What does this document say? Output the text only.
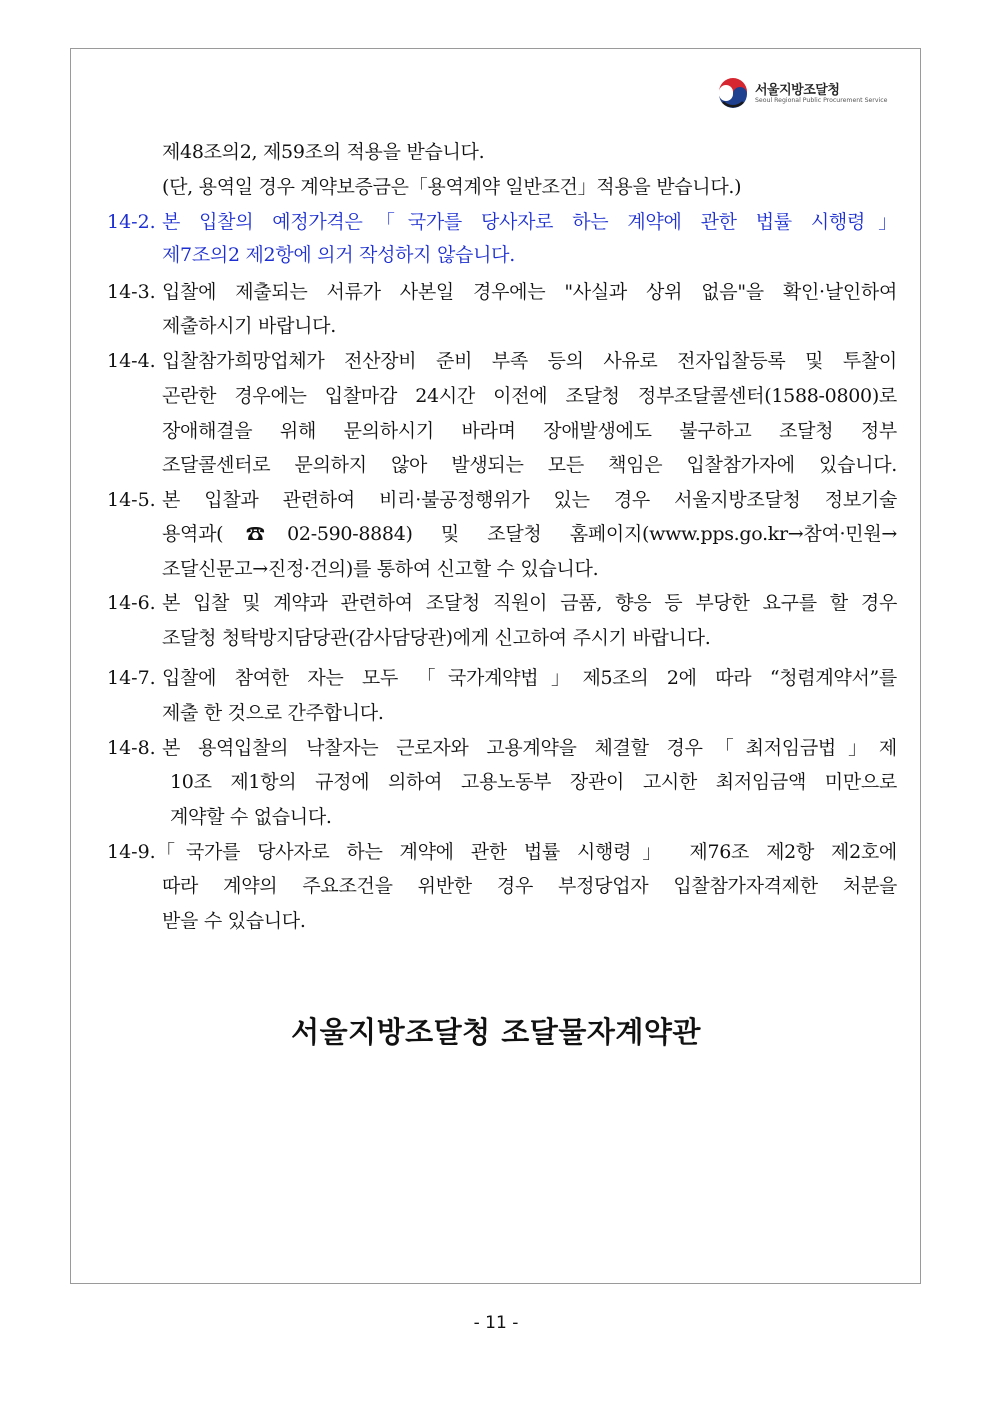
서울지방조달청
Seoul Regional Public Procurement Service
제48조의2, 제59조의 적용을 받습니다.
(단, 용역일 경우 계약보증금은「용역계약 일반조건」적용을 받습니다.)
14-2. 본 입찰의 예정가격은「국가를 당사자로 하는 계약에 관한 법률 시행령」
제7조의2 제2항에 의거 작성하지 않습니다.
14-3. 입찰에 제출되는 서류가 사본일 경우에는 "사실과 상위 없음"을 확인·날인하여
제출하시기 바랍니다.
14-4. 입찰참가희망업체가 전산장비 준비 부족 등의 사유로 전자입찰등록 및 투찰이
곤란한 경우에는 입찰마감 24시간 이전에 조달청 정부조달콜센터(1588-0800)로
장애해결을 위해 문의하시기 바라며 장애발생에도 불구하고 조달청 정부
조달콜센터로 문의하지 않아 발생되는 모든 책임은 입찰참가자에 있습니다.
14-5. 본 입찰과 관련하여 비리·불공정행위가 있는 경우 서울지방조달청 정보기술
용역과(☎02-590-8884) 및 조달청 홈페이지(www.pps.go.kr→참여·민원→
조달신문고→진정·건의)를 통하여 신고할 수 있습니다.
14-6. 본 입찰 및 계약과 관련하여 조달청 직원이 금품, 향응 등 부당한 요구를 할 경우
조달청 청탁방지담당관(감사담당관)에게 신고하여 주시기 바랍니다.
14-7. 입찰에 참여한 자는 모두 「국가계약법」제5조의 2에 따라 “청렴계약서”를
제출 한 것으로 간주합니다.
14-8. 본 용역입찰의 낙찰자는 근로자와 고용계약을 체결할 경우「최저임금법」제
10조 제1항의 규정에 의하여 고용노동부 장관이 고시한 최저임금액 미만으로
계약할 수 없습니다.
14-9. 「국가를 당사자로 하는 계약에 관한 법률 시행령」 제76조 제2항 제2호에
따라 계약의 주요조건을 위반한 경우 부정당업자 입찰참가자격제한 처분을
받을 수 있습니다.
서울지방조달청 조달물자계약관
- 11 -
